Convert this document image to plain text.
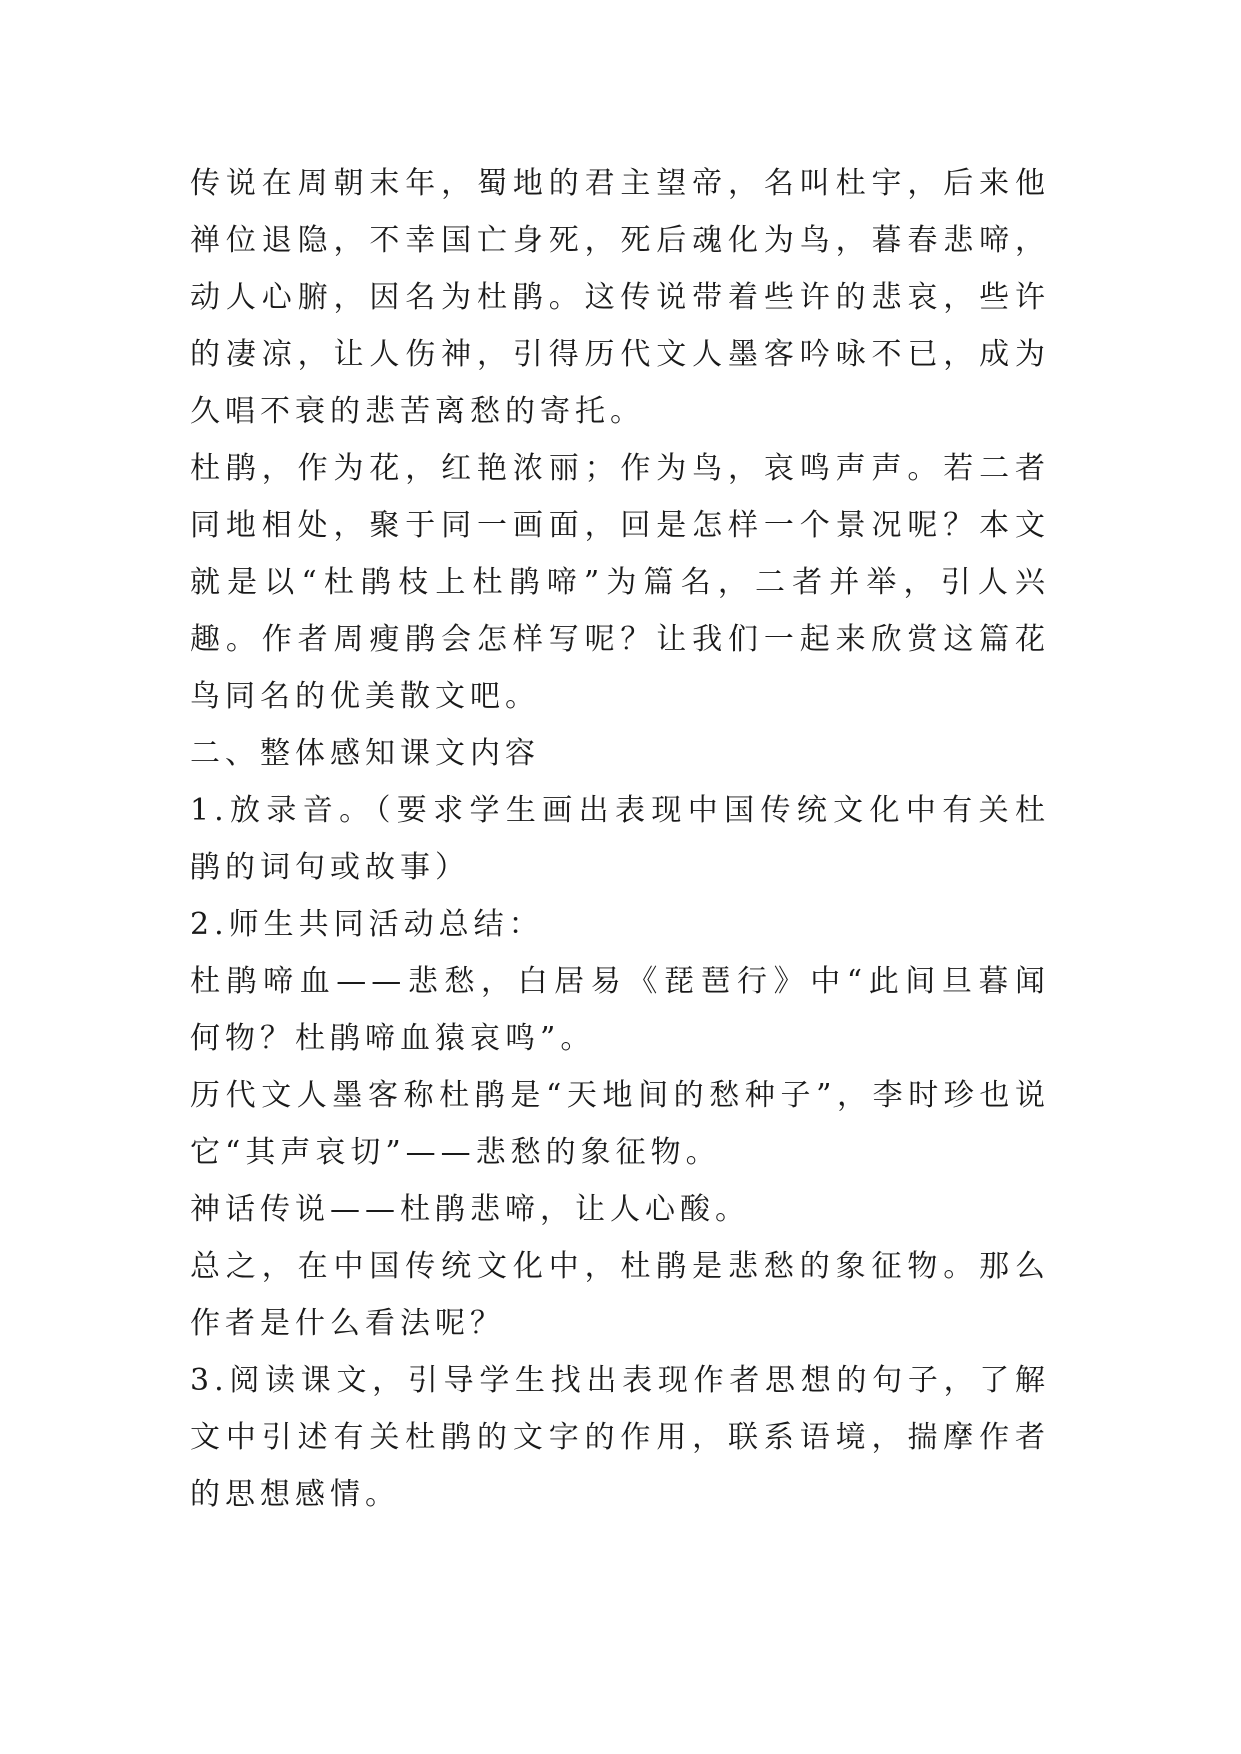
传说在周朝末年，蜀地的君主望帝，名叫杜宇，后来他禅位退隐，不幸国亡身死，死后魂化为鸟，暮春悲啼，动人心腑，因名为杜鹃。这传说带着些许的悲哀，些许的凄凉，让人伤神，引得历代文人墨客吟咏不已，成为久唱不衰的悲苦离愁的寄托。

杜鹃，作为花，红艳浓丽；作为鸟，哀鸣声声。若二者同地相处，聚于同一画面，回是怎样一个景况呢？本文就是以“杜鹃枝上杜鹃啼”为篇名，二者并举，引人兴趣。作者周瘦鹃会怎样写呢？让我们一起来欣赏这篇花鸟同名的优美散文吧。

二、整体感知课文内容

1.放录音。（要求学生画出表现中国传统文化中有关杜鹃的词句或故事）

2.师生共同活动总结：

杜鹃啼血——悲愁，白居易《琵琶行》中“此间旦暮闻何物？杜鹃啼血猿哀鸣”。

历代文人墨客称杜鹃是“天地间的愁种子”，李时珍也说它“其声哀切”——悲愁的象征物。

神话传说——杜鹃悲啼，让人心酸。

总之，在中国传统文化中，杜鹃是悲愁的象征物。那么作者是什么看法呢？

3.阅读课文，引导学生找出表现作者思想的句子，了解文中引述有关杜鹃的文字的作用，联系语境，揣摩作者的思想感情。
